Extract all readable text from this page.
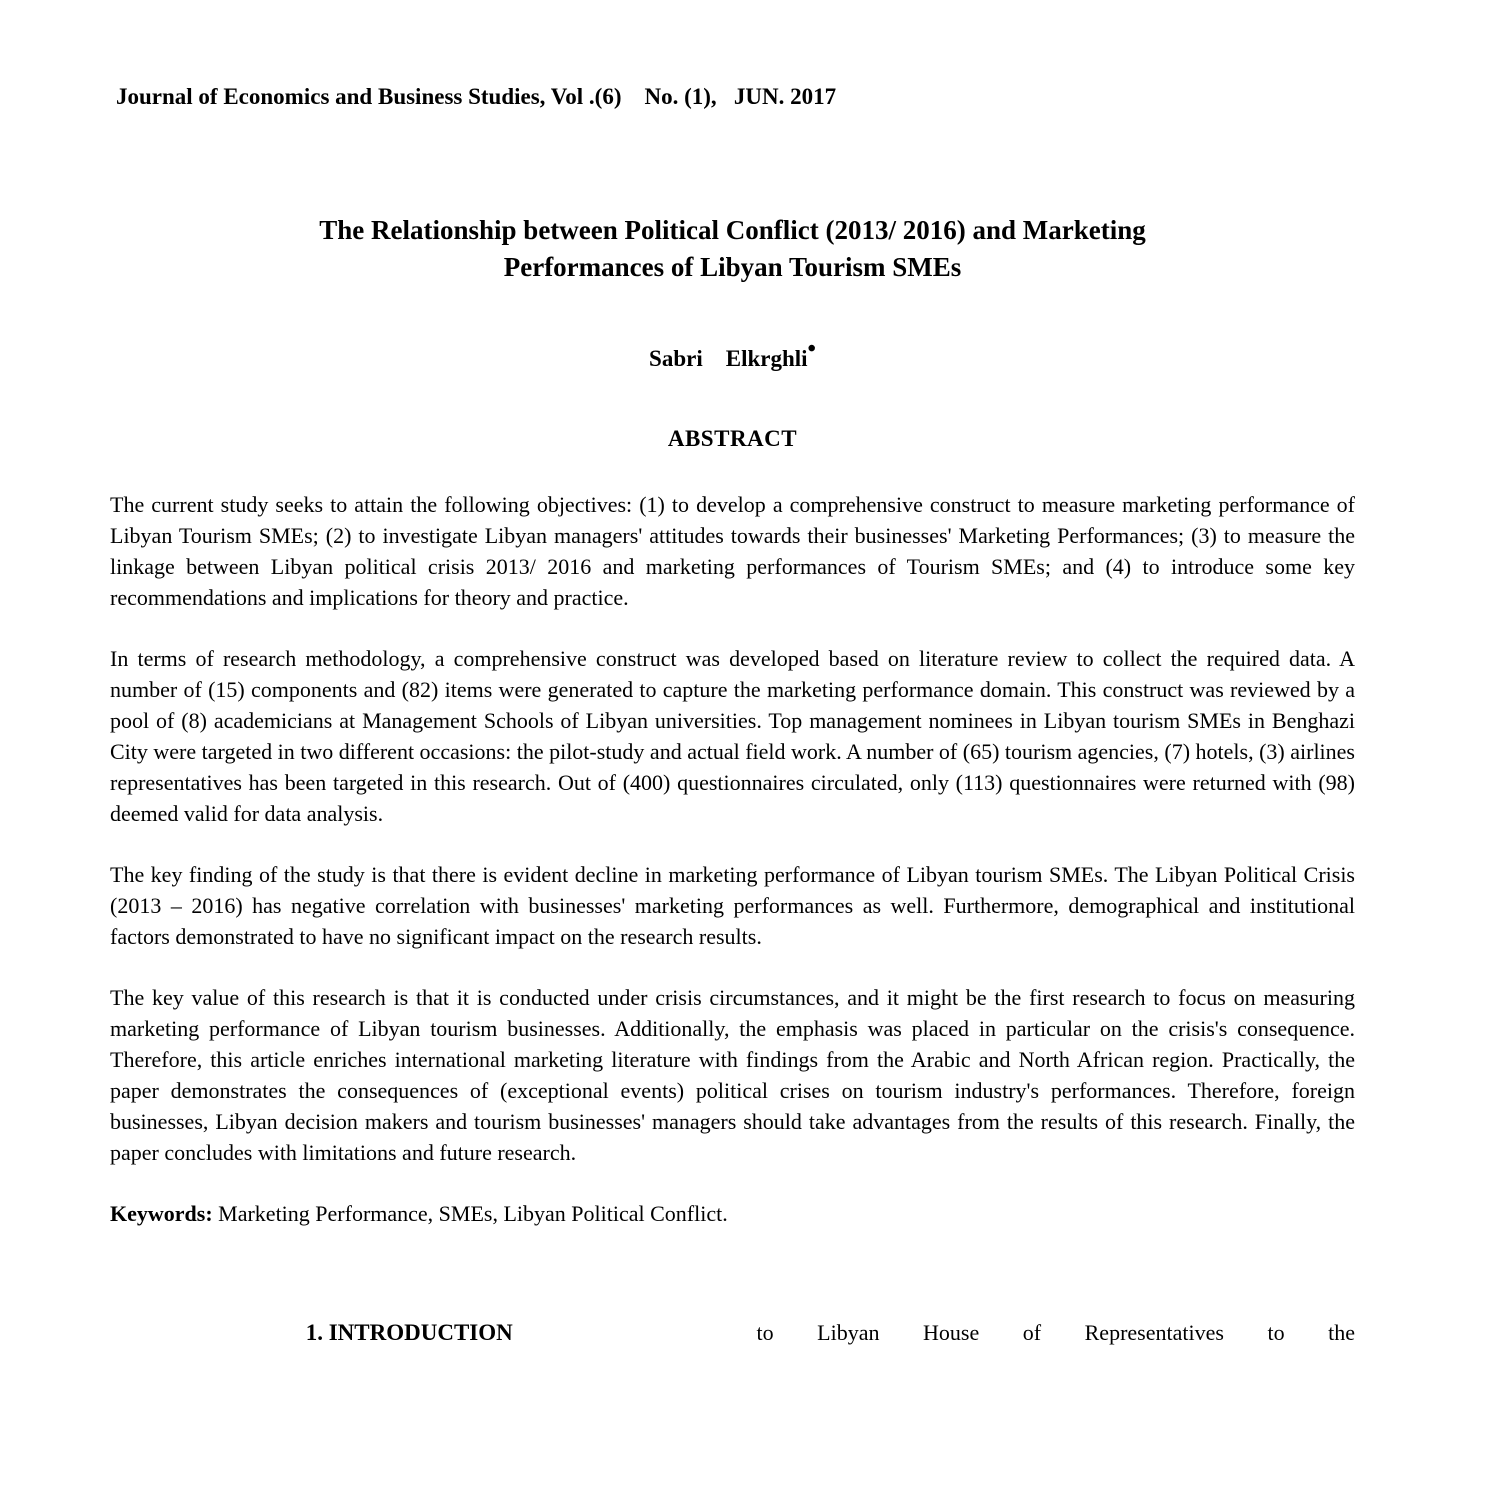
Journal of Economics and Business Studies, Vol .(6)    No. (1),   JUN. 2017
The Relationship between Political Conflict (2013/ 2016) and Marketing
Performances of Libyan Tourism SMEs
Sabri    Elkrghli•
ABSTRACT

The current study seeks to attain the following objectives: (1) to develop a comprehensive construct to measure marketing performance of Libyan Tourism SMEs; (2) to investigate Libyan managers' attitudes towards their businesses' Marketing Performances; (3) to measure the linkage between Libyan political crisis 2013/ 2016 and marketing performances of Tourism SMEs; and (4) to introduce some key recommendations and implications for theory and practice.

In terms of research methodology, a comprehensive construct was developed based on literature review to collect the required data. A number of (15) components and (82) items were generated to capture the marketing performance domain. This construct was reviewed by a pool of (8) academicians at Management Schools of Libyan universities. Top management nominees in Libyan tourism SMEs in Benghazi City were targeted in two different occasions: the pilot-study and actual field work. A number of (65) tourism agencies, (7) hotels, (3) airlines representatives has been targeted in this research. Out of (400) questionnaires circulated, only (113) questionnaires were returned with (98) deemed valid for data analysis.

The key finding of the study is that there is evident decline in marketing performance of Libyan tourism SMEs. The Libyan Political Crisis (2013 – 2016) has negative correlation with businesses' marketing performances as well. Furthermore, demographical and institutional factors demonstrated to have no significant impact on the research results.

The key value of this research is that it is conducted under crisis circumstances, and it might be the first research to focus on measuring marketing performance of Libyan tourism businesses. Additionally, the emphasis was placed in particular on the crisis's consequence. Therefore, this article enriches international marketing literature with findings from the Arabic and North African region. Practically, the paper demonstrates the consequences of (exceptional events) political crises on tourism industry's performances. Therefore, foreign businesses, Libyan decision makers and tourism businesses' managers should take advantages from the results of this research. Finally, the paper concludes with limitations and future research.

Keywords: Marketing Performance, SMEs, Libyan Political Conflict.

1. INTRODUCTION	to Libyan House of Representatives to the
